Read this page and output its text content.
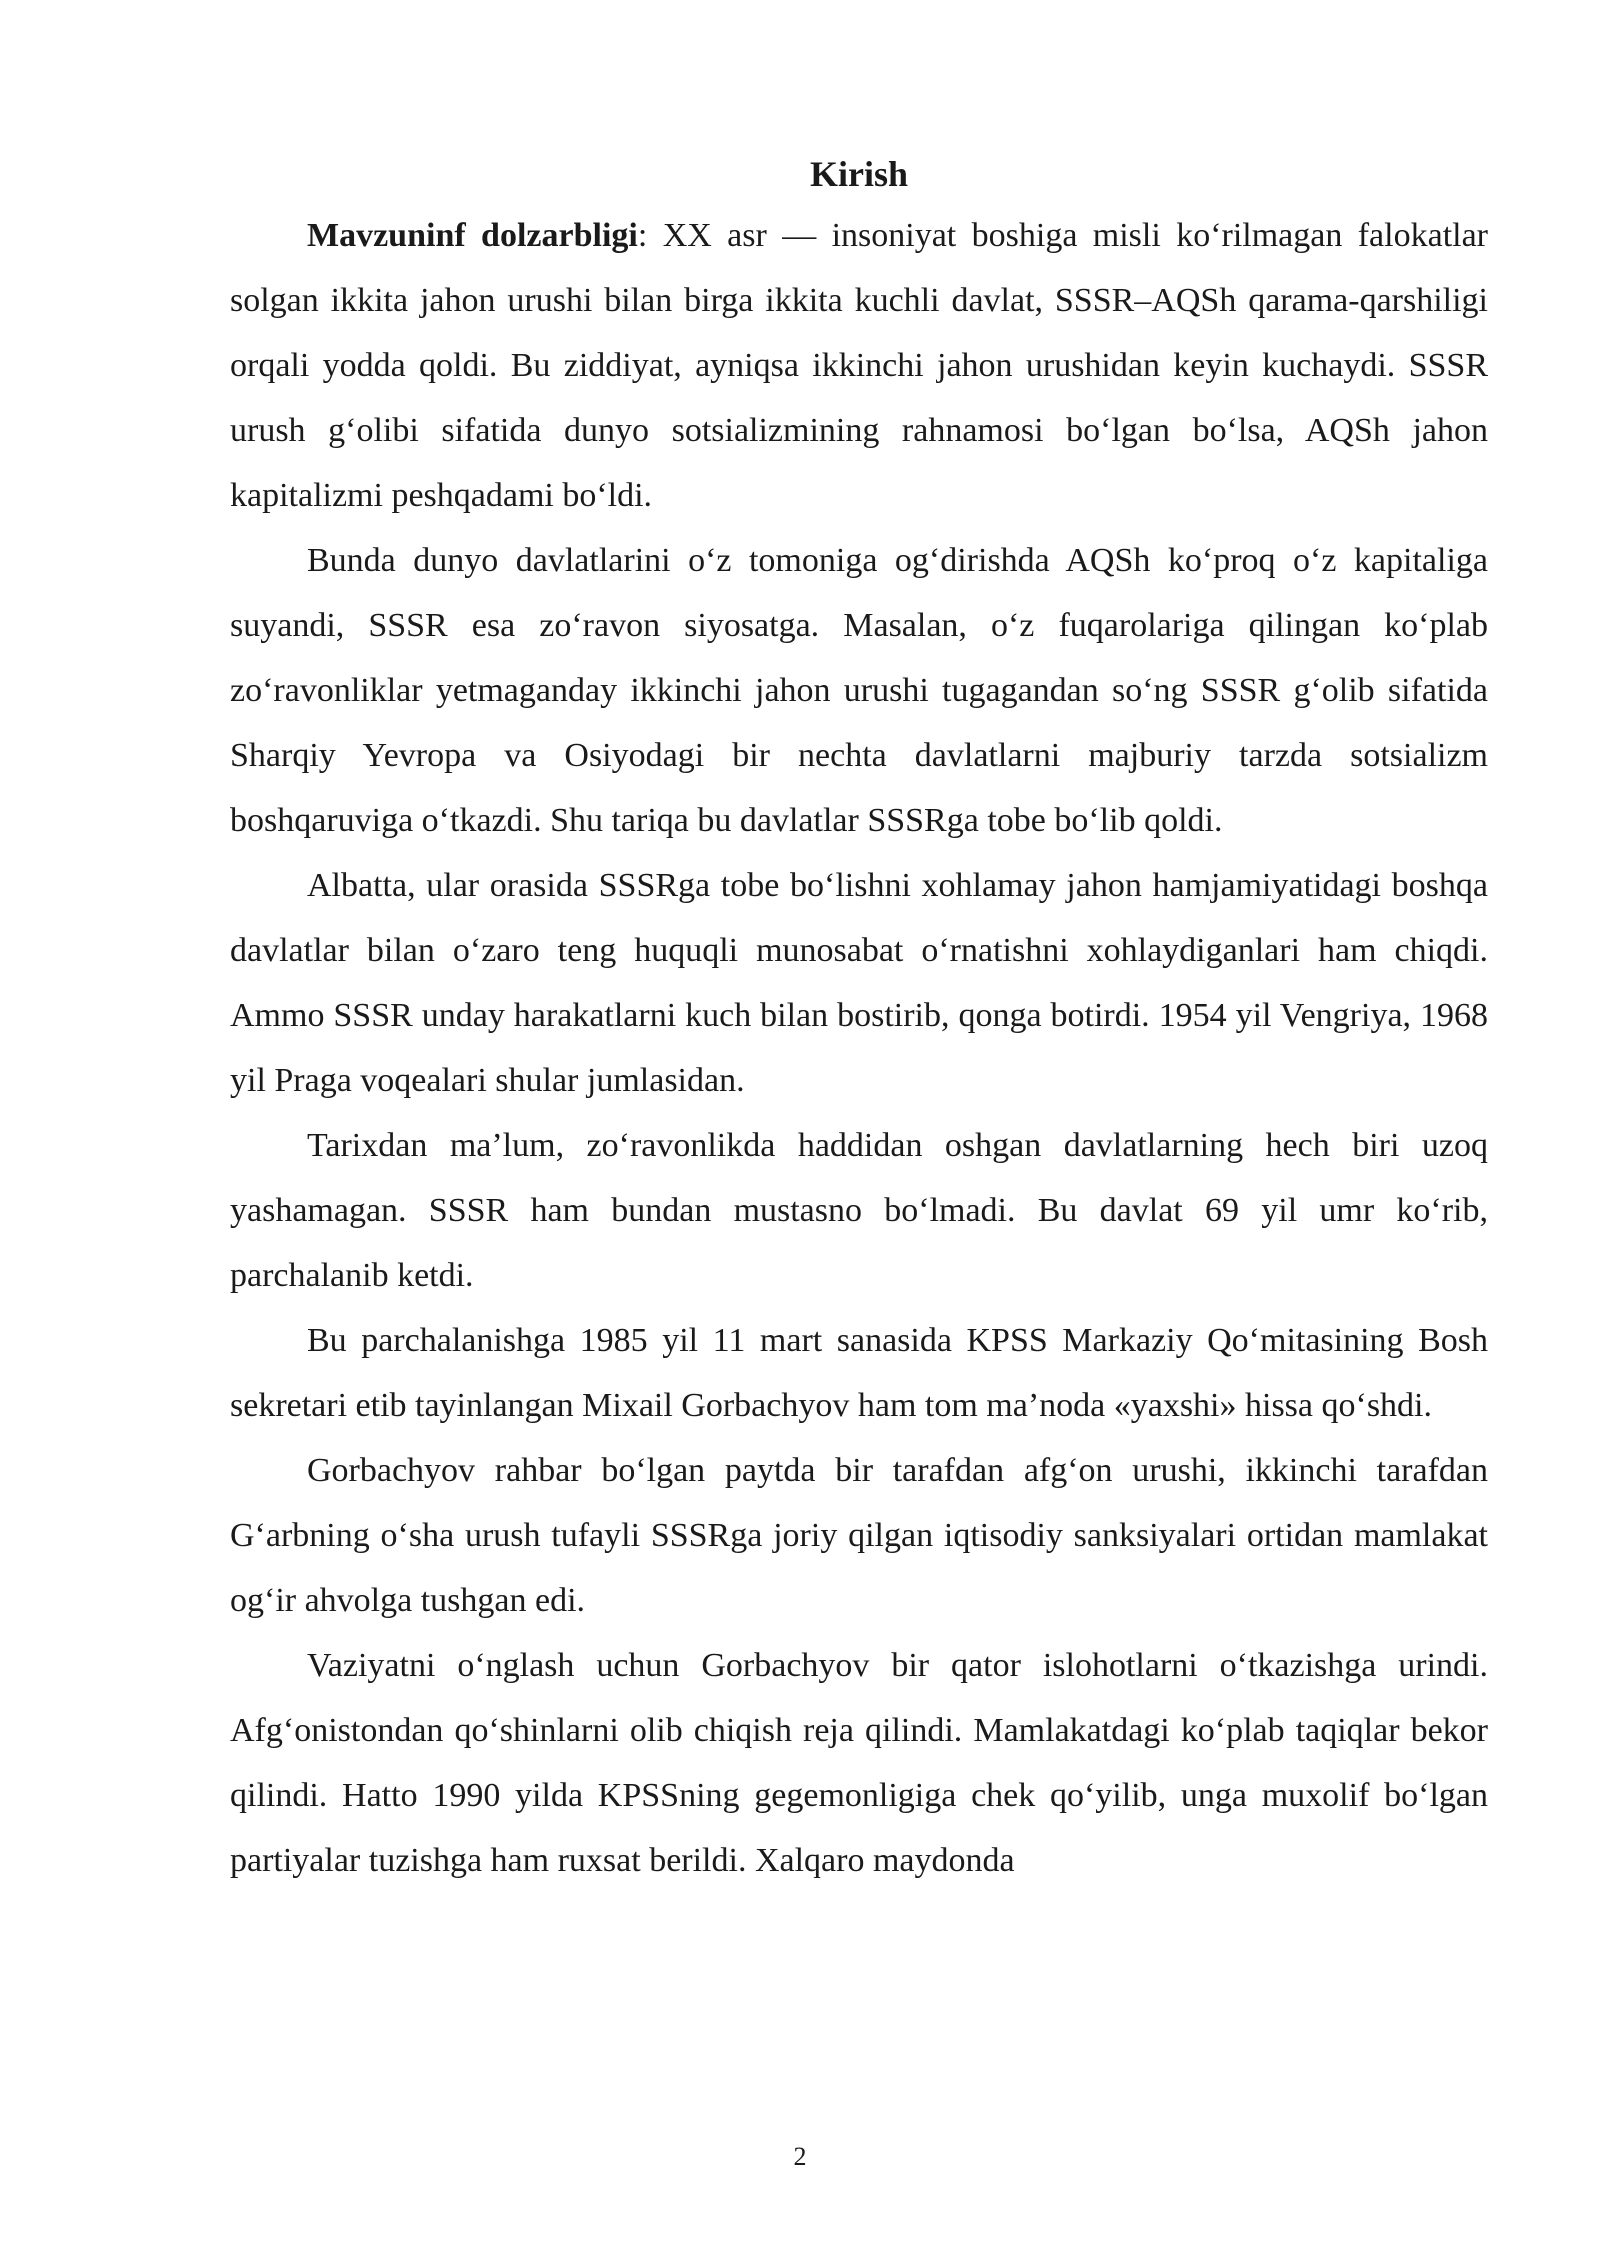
Kirish

Mavzuninf dolzarbligi: XX asr — insoniyat boshiga misli ko‘rilmagan falokatlar solgan ikkita jahon urushi bilan birga ikkita kuchli davlat, SSSR–AQSh qarama-qarshiligi orqali yodda qoldi. Bu ziddiyat, ayniqsa ikkinchi jahon urushidan keyin kuchaydi. SSSR urush g‘olibi sifatida dunyo sotsializmining rahnamosi bo‘lgan bo‘lsa, AQSh jahon kapitalizmi peshqadami bo‘ldi.

Bunda dunyo davlatlarini o‘z tomoniga og‘dirishda AQSh ko‘proq o‘z kapitaliga suyandi, SSSR esa zo‘ravon siyosatga. Masalan, o‘z fuqarolariga qilingan ko‘plab zo‘ravonliklar yetmaganday ikkinchi jahon urushi tugagandan so‘ng SSSR g‘olib sifatida Sharqiy Yevropa va Osiyodagi bir nechta davlatlarni majburiy tarzda sotsializm boshqaruviga o‘tkazdi. Shu tariqa bu davlatlar SSSRga tobe bo‘lib qoldi.

Albatta, ular orasida SSSRga tobe bo‘lishni xohlamay jahon hamjamiyatidagi boshqa davlatlar bilan o‘zaro teng huquqli munosabat o‘rnatishni xohlaydiganlari ham chiqdi. Ammo SSSR unday harakatlarni kuch bilan bostirib, qonga botirdi. 1954 yil Vengriya, 1968 yil Praga voqealari shular jumlasidan.

Tarixdan ma’lum, zo‘ravonlikda haddidan oshgan davlatlarning hech biri uzoq yashamagan. SSSR ham bundan mustasno bo‘lmadi. Bu davlat 69 yil umr ko‘rib, parchalanib ketdi.

Bu parchalanishga 1985 yil 11 mart sanasida KPSS Markaziy Qo‘mitasining Bosh sekretari etib tayinlangan Mixail Gorbachyov ham tom ma’noda «yaxshi» hissa qo‘shdi.

Gorbachyov rahbar bo‘lgan paytda bir tarafdan afg‘on urushi, ikkinchi tarafdan G‘arbning o‘sha urush tufayli SSSRga joriy qilgan iqtisodiy sanksiyalari ortidan mamlakat og‘ir ahvolga tushgan edi.

Vaziyatni o‘nglash uchun Gorbachyov bir qator islohotlarni o‘tkazishga urindi. Afg‘onistondan qo‘shinlarni olib chiqish reja qilindi. Mamlakatdagi ko‘plab taqiqlar bekor qilindi. Hatto 1990 yilda KPSSning gegemonligiga chek qo‘yilib, unga muxolif bo‘lgan partiyalar tuzishga ham ruxsat berildi. Xalqaro maydonda

2
